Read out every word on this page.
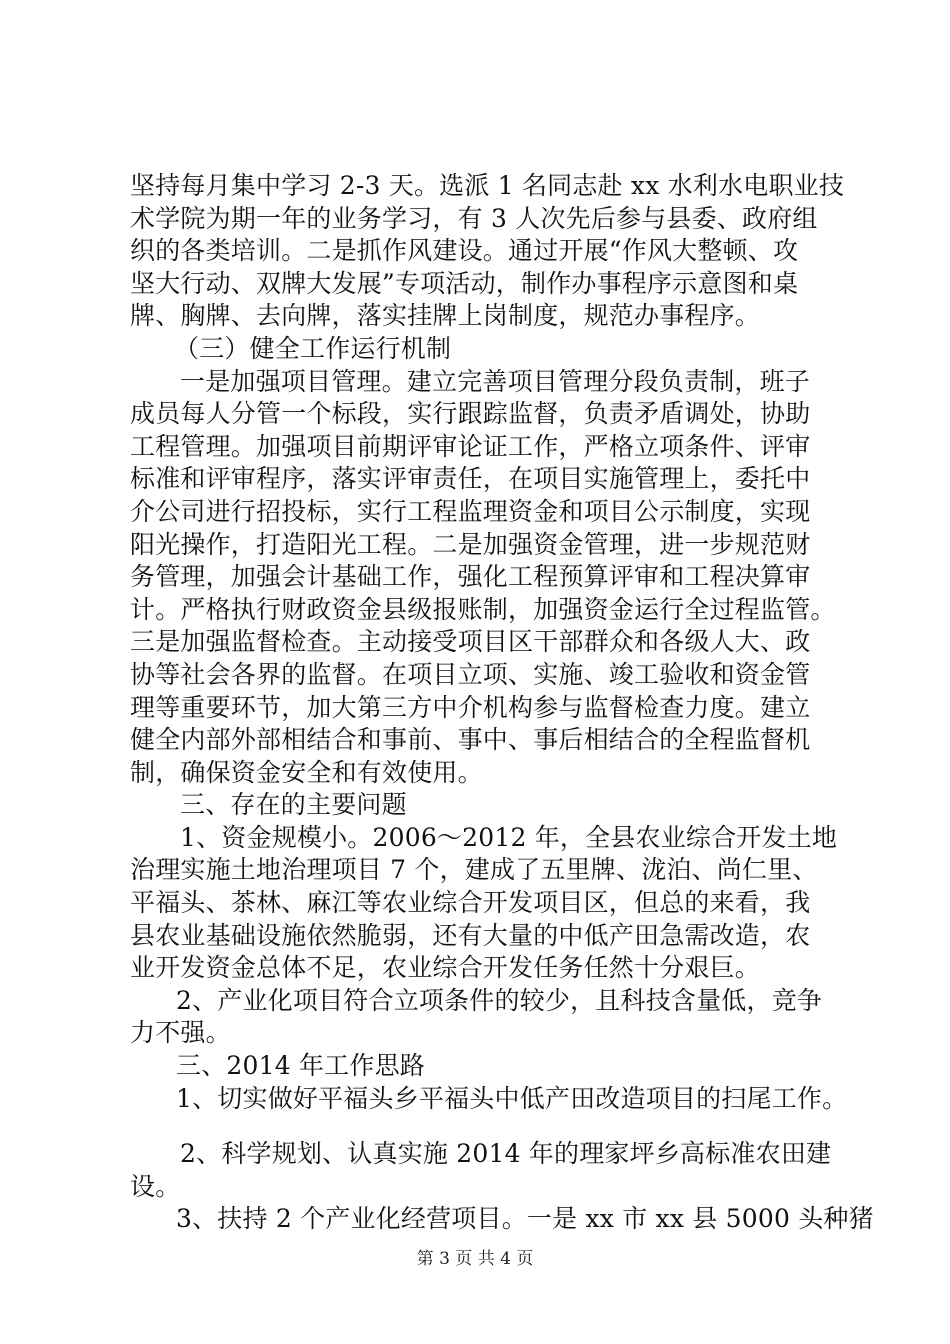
坚持每月集中学习 2-3 天。选派 1 名同志赴 xx 水利水电职业技
术学院为期一年的业务学习，有 3 人次先后参与县委、政府组
织的各类培训。二是抓作风建设。通过开展“作风大整顿、攻
坚大行动、双牌大发展”专项活动，制作办事程序示意图和桌
牌、胸牌、去向牌，落实挂牌上岗制度，规范办事程序。
（三）健全工作运行机制
一是加强项目管理。建立完善项目管理分段负责制，班子
成员每人分管一个标段，实行跟踪监督，负责矛盾调处，协助
工程管理。加强项目前期评审论证工作，严格立项条件、评审
标准和评审程序，落实评审责任，在项目实施管理上，委托中
介公司进行招投标，实行工程监理资金和项目公示制度，实现
阳光操作，打造阳光工程。二是加强资金管理，进一步规范财
务管理，加强会计基础工作，强化工程预算评审和工程决算审
计。严格执行财政资金县级报账制，加强资金运行全过程监管。
三是加强监督检查。主动接受项目区干部群众和各级人大、政
协等社会各界的监督。在项目立项、实施、竣工验收和资金管
理等重要环节，加大第三方中介机构参与监督检查力度。建立
健全内部外部相结合和事前、事中、事后相结合的全程监督机
制，确保资金安全和有效使用。
三、存在的主要问题
1、资金规模小。2006～2012 年，全县农业综合开发土地
治理实施土地治理项目 7 个，建成了五里牌、泷泊、尚仁里、
平福头、茶林、麻江等农业综合开发项目区，但总的来看，我
县农业基础设施依然脆弱，还有大量的中低产田急需改造，农
业开发资金总体不足，农业综合开发任务任然十分艰巨。
2、产业化项目符合立项条件的较少，且科技含量低，竞争
力不强。
三、2014 年工作思路
1、切实做好平福头乡平福头中低产田改造项目的扫尾工作。
2、科学规划、认真实施 2014 年的理家坪乡高标准农田建
设。
3、扶持 2 个产业化经营项目。一是 xx 市 xx 县 5000 头种猪
第 3 页 共 4 页
